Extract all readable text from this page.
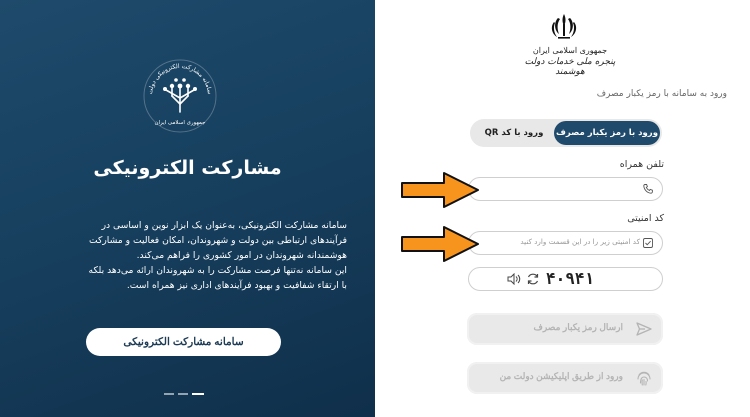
سامانه مشارکت الکترونیکی دولت
جمهوری اسلامی ایران
مشارکت الکترونیکی

سامانه مشارکت الکترونیکی، به‌عنوان یک ابزار نوین و اساسی در

فرآیندهای ارتباطی بین دولت و شهروندان، امکان فعالیت و مشارکت

هوشمندانه شهروندان در امور کشوری را فراهم می‌کند.

این سامانه نه‌تنها فرصت مشارکت را به شهروندان ارائه می‌دهد بلکه

با ارتقاء شفافیت و بهبود فرآیندهای اداری نیز همراه است.

سامانه مشارکت الکترونیکی
جمهوری اسلامی ایران
پنجره ملی خدمات دولت هوشمند
ورود به سامانه با رمز یکبار مصرف
ورود با رمز یکبار مصرف
ورود با کد QR
تلفن همراه
کد امنیتی
کد امنیتی زیر را در این قسمت وارد کنید
۴۰۹۴۱
ارسال رمز یکبار مصرف
ورود از طریق اپلیکیشن دولت من
